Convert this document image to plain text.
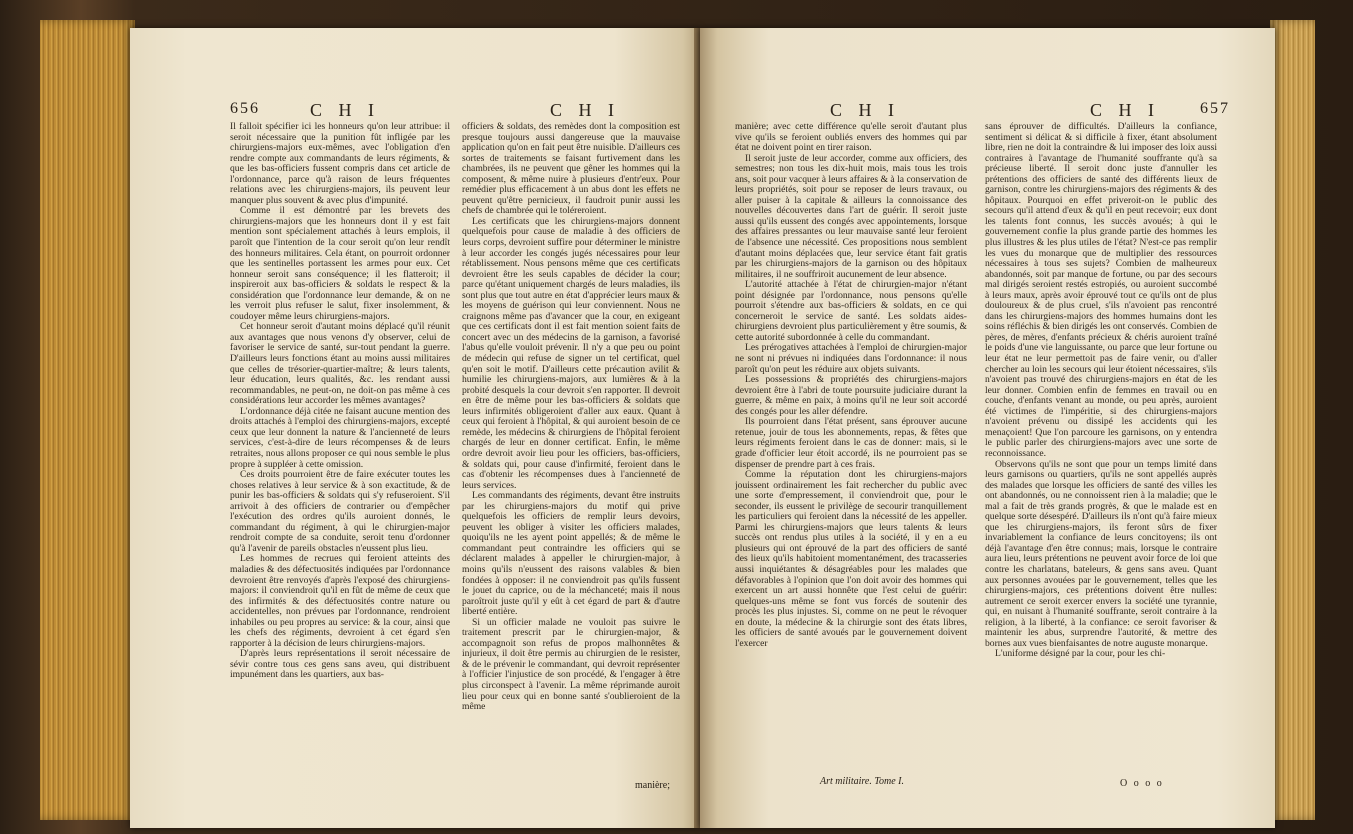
656	C H I	C H I

Il falloit spécifier ici les honneurs qu'on leur attribue: il seroit nécessaire que la punition fût infligée par les chirurgiens-majors eux-mêmes, avec l'obligation d'en rendre compte aux commandants de leurs régiments, & que les bas-officiers fussent compris dans cet article de l'ordonnance, parce qu'à raison de leurs fréquentes relations avec les chirurgiens-majors, ils peuvent leur manquer plus souvent & avec plus d'impunité.

Comme il est démontré par les brevets des chirurgiens-majors que les honneurs dont il y est fait mention sont spécialement attachés à leurs emplois, il paroît que l'intention de la cour seroit qu'on leur rendît des honneurs militaires. Cela étant, on pourroit ordonner que les sentinelles portassent les armes pour eux. Cet honneur seroit sans conséquence; il les flatteroit; il inspireroit aux bas-officiers & soldats le respect & la considération que l'ordonnance leur demande, & on ne les verroit plus refuser le salut, fixer insolemment, & coudoyer même leurs chirurgiens-majors.

Cet honneur seroit d'autant moins déplacé qu'il réunit aux avantages que nous venons d'y observer, celui de favoriser le service de santé, sur-tout pendant la guerre. D'ailleurs leurs fonctions étant au moins aussi militaires que celles de trésorier-quartier-maître; & leurs talents, leur éducation, leurs qualités, &c. les rendant aussi recommandables, ne peut-on, ne doit-on pas même à ces considérations leur accorder les mêmes avantages?

L'ordonnance déjà citée ne faisant aucune mention des droits attachés à l'emploi des chirurgiens-majors, excepté ceux que leur donnent la nature & l'ancienneté de leurs services, c'est-à-dire de leurs récompenses & de leurs retraites, nous allons proposer ce qui nous semble le plus propre à suppléer à cette omission.

Ces droits pourroient être de faire exécuter toutes les choses relatives à leur service & à son exactitude, & de punir les bas-officiers & soldats qui s'y refuseroient. S'il arrivoit à des officiers de contrarier ou d'empêcher l'exécution des ordres qu'ils auroient donnés, le commandant du régiment, à qui le chirurgien-major rendroit compte de sa conduite, seroit tenu d'ordonner qu'à l'avenir de pareils obstacles n'eussent plus lieu.

Les hommes de recrues qui feroient atteints des maladies & des défectuosités indiquées par l'ordonnance devroient être renvoyés d'après l'exposé des chirurgiens-majors: il conviendroit qu'il en fût de même de ceux que des infirmités & des défectuosités contre nature ou accidentelles, non prévues par l'ordonnance, rendroient inhabiles ou peu propres au service: & la cour, ainsi que les chefs des régiments, devroient à cet égard s'en rapporter à la décision de leurs chirurgiens-majors.

D'après leurs représentations il seroit nécessaire de sévir contre tous ces gens sans aveu, qui distribuent impunément dans les quartiers, aux bas-

officiers & soldats, des remèdes dont la composition est presque toujours aussi dangereuse que la mauvaise application qu'on en fait peut être nuisible. D'ailleurs ces sortes de traitements se faisant furtivement dans les chambrées, ils ne peuvent que gêner les hommes qui la composent, & même nuire à plusieurs d'entr'eux. Pour remédier plus efficacement à un abus dont les effets ne peuvent qu'être pernicieux, il faudroit punir aussi les chefs de chambrée qui le toléreroient.

Les certificats que les chirurgiens-majors donnent quelquefois pour cause de maladie à des officiers de leurs corps, devroient suffire pour déterminer le ministre à leur accorder les congés jugés nécessaires pour leur rétablissement. Nous pensons même que ces certificats devroient être les seuls capables de décider la cour; parce qu'étant uniquement chargés de leurs maladies, ils sont plus que tout autre en état d'apprécier leurs maux & les moyens de guérison qui leur conviennent. Nous ne craignons même pas d'avancer que la cour, en exigeant que ces certificats dont il est fait mention soient faits de concert avec un des médecins de la garnison, a favorisé l'abus qu'elle vouloit prévenir. Il n'y a que peu ou point de médecin qui refuse de signer un tel certificat, quel qu'en soit le motif. D'ailleurs cette précaution avilit & humilie les chirurgiens-majors, aux lumières & à la probité desquels la cour devroit s'en rapporter. Il devroit en être de même pour les bas-officiers & soldats que leurs infirmités obligeroient d'aller aux eaux. Quant à ceux qui feroient à l'hôpital, & qui auroient besoin de ce remède, les médecins & chirurgiens de l'hôpital feroient chargés de leur en donner certificat. Enfin, le même ordre devroit avoir lieu pour les officiers, bas-officiers, & soldats qui, pour cause d'infirmité, feroient dans le cas d'obtenir les récompenses dues à l'ancienneté de leurs services.

Les commandants des régiments, devant être instruits par les chirurgiens-majors du motif qui prive quelquefois les officiers de remplir leurs devoirs, peuvent les obliger à visiter les officiers malades, quoiqu'ils ne les ayent point appellés; & de même le commandant peut contraindre les officiers qui se déclarent malades à appeller le chirurgien-major, à moins qu'ils n'eussent des raisons valables & bien fondées à opposer: il ne conviendroit pas qu'ils fussent le jouet du caprice, ou de la méchanceté; mais il nous paroîtroit juste qu'il y eût à cet égard de part & d'autre liberté entière.

Si un officier malade ne vouloit pas suivre le traitement prescrit par le chirurgien-major, & accompagnoit son refus de propos malhonnêtes & injurieux, il doit être permis au chirurgien de le resister, & de le prévenir le commandant, qui devroit représenter à l'officier l'injustice de son procédé, & l'engager à être plus circonspect à l'avenir. La même réprimande auroit lieu pour ceux qui en bonne santé s'oublieroient de la même

manière;
C H I	C H I	657

manière; avec cette différence qu'elle seroit d'autant plus vive qu'ils se feroient oubliés envers des hommes qui par état ne doivent point en tirer raison.

Il seroit juste de leur accorder, comme aux officiers, des semestres; non tous les dix-huit mois, mais tous les trois ans, soit pour vacquer à leurs affaires & à la conservation de leurs propriétés, soit pour se reposer de leurs travaux, ou aller puiser à la capitale & ailleurs la connoissance des nouvelles découvertes dans l'art de guérir. Il seroit juste aussi qu'ils eussent des congés avec appointements, lorsque des affaires pressantes ou leur mauvaise santé leur feroient de l'absence une nécessité. Ces propositions nous semblent d'autant moins déplacées que, leur service étant fait gratis par les chirurgiens-majors de la garnison ou des hôpitaux militaires, il ne souffriroit aucunement de leur absence.

L'autorité attachée à l'état de chirurgien-major n'étant point désignée par l'ordonnance, nous pensons qu'elle pourroit s'étendre aux bas-officiers & soldats, en ce qui concerneroit le service de santé. Les soldats aides-chirurgiens devroient plus particulièrement y être soumis, & cette autorité subordonnée à celle du commandant.

Les prérogatives attachées à l'emploi de chirurgien-major ne sont ni prévues ni indiquées dans l'ordonnance: il nous paroît qu'on peut les réduire aux objets suivants.

Les possessions & propriétés des chirurgiens-majors devroient être à l'abri de toute poursuite judiciaire durant la guerre, & même en paix, à moins qu'il ne leur soit accordé des congés pour les aller défendre.

Ils pourroient dans l'état présent, sans éprouver aucune retenue, jouir de tous les abonnements, repas, & fêtes que leurs régiments feroient dans le cas de donner: mais, si le grade d'officier leur étoit accordé, ils ne pourroient pas se dispenser de prendre part à ces frais.

Comme la réputation dont les chirurgiens-majors jouissent ordinairement les fait rechercher du public avec une sorte d'empressement, il conviendroit que, pour le seconder, ils eussent le privilège de secourir tranquillement les particuliers qui feroient dans la nécessité de les appeller. Parmi les chirurgiens-majors que leurs talents & leurs succès ont rendus plus utiles à la société, il y en a eu plusieurs qui ont éprouvé de la part des officiers de santé des lieux qu'ils habitoient momentanément, des tracasseries aussi inquiétantes & désagréables pour les malades que défavorables à l'opinion que l'on doit avoir des hommes qui exercent un art aussi honnête que l'est celui de guérir: quelques-uns même se font vus forcés de soutenir des procès les plus injustes. Si, comme on ne peut le révoquer en doute, la médecine & la chirurgie sont des états libres, les officiers de santé avoués par le gouvernement doivent l'exercer

sans éprouver de difficultés. D'ailleurs la confiance, sentiment si délicat & si difficile à fixer, étant absolument libre, rien ne doit la contraindre & lui imposer des loix aussi contraires à l'avantage de l'humanité souffrante qu'à sa précieuse liberté. Il seroit donc juste d'annuller les prétentions des officiers de santé des différents lieux de garnison, contre les chirurgiens-majors des régiments & des hôpitaux. Pourquoi en effet priveroit-on le public des secours qu'il attend d'eux & qu'il en peut recevoir; eux dont les talents font connus, les succès avoués; à qui le gouvernement confie la plus grande partie des hommes les plus illustres & les plus utiles de l'état? N'est-ce pas remplir les vues du monarque que de multiplier des ressources nécessaires à tous ses sujets? Combien de malheureux abandonnés, soit par manque de fortune, ou par des secours mal dirigés seroient restés estropiés, ou auroient succombé à leurs maux, après avoir éprouvé tout ce qu'ils ont de plus douloureux & de plus cruel, s'ils n'avoient pas rencontré dans les chirurgiens-majors des hommes humains dont les soins réfléchis & bien dirigés les ont conservés. Combien de pères, de mères, d'enfants précieux & chéris auroient traîné le poids d'une vie languissante, ou parce que leur fortune ou leur état ne leur permettoit pas de faire venir, ou d'aller chercher au loin les secours qui leur étoient nécessaires, s'ils n'avoient pas trouvé des chirurgiens-majors en état de les leur donner. Combien enfin de femmes en travail ou en couche, d'enfants venant au monde, ou peu après, auroient été victimes de l'impéritie, si des chirurgiens-majors n'avoient prévenu ou dissipé les accidents qui les menaçoient! Que l'on parcoure les garnisons, on y entendra le public parler des chirurgiens-majors avec une sorte de reconnoissance.

Observons qu'ils ne sont que pour un temps limité dans leurs garnisons ou quartiers, qu'ils ne sont appellés auprès des malades que lorsque les officiers de santé des villes les ont abandonnés, ou ne connoissent rien à la maladie; que le mal a fait de très grands progrès, & que le malade est en quelque sorte désespéré. D'ailleurs ils n'ont qu'à faire mieux que les chirurgiens-majors, ils feront sûrs de fixer invariablement la confiance de leurs concitoyens; ils ont déjà l'avantage d'en être connus; mais, lorsque le contraire aura lieu, leurs prétentions ne peuvent avoir force de loi que contre les charlatans, bateleurs, & gens sans aveu. Quant aux personnes avouées par le gouvernement, telles que les chirurgiens-majors, ces prétentions doivent être nulles: autrement ce seroit exercer envers la société une tyrannie, qui, en nuisant à l'humanité souffrante, seroit contraire à la religion, à la liberté, à la confiance: ce seroit favoriser & maintenir les abus, surprendre l'autorité, & mettre des bornes aux vues bienfaisantes de notre auguste monarque.

L'uniforme désigné par la cour, pour les chi-

Art militaire. Tome I.	O o o o
